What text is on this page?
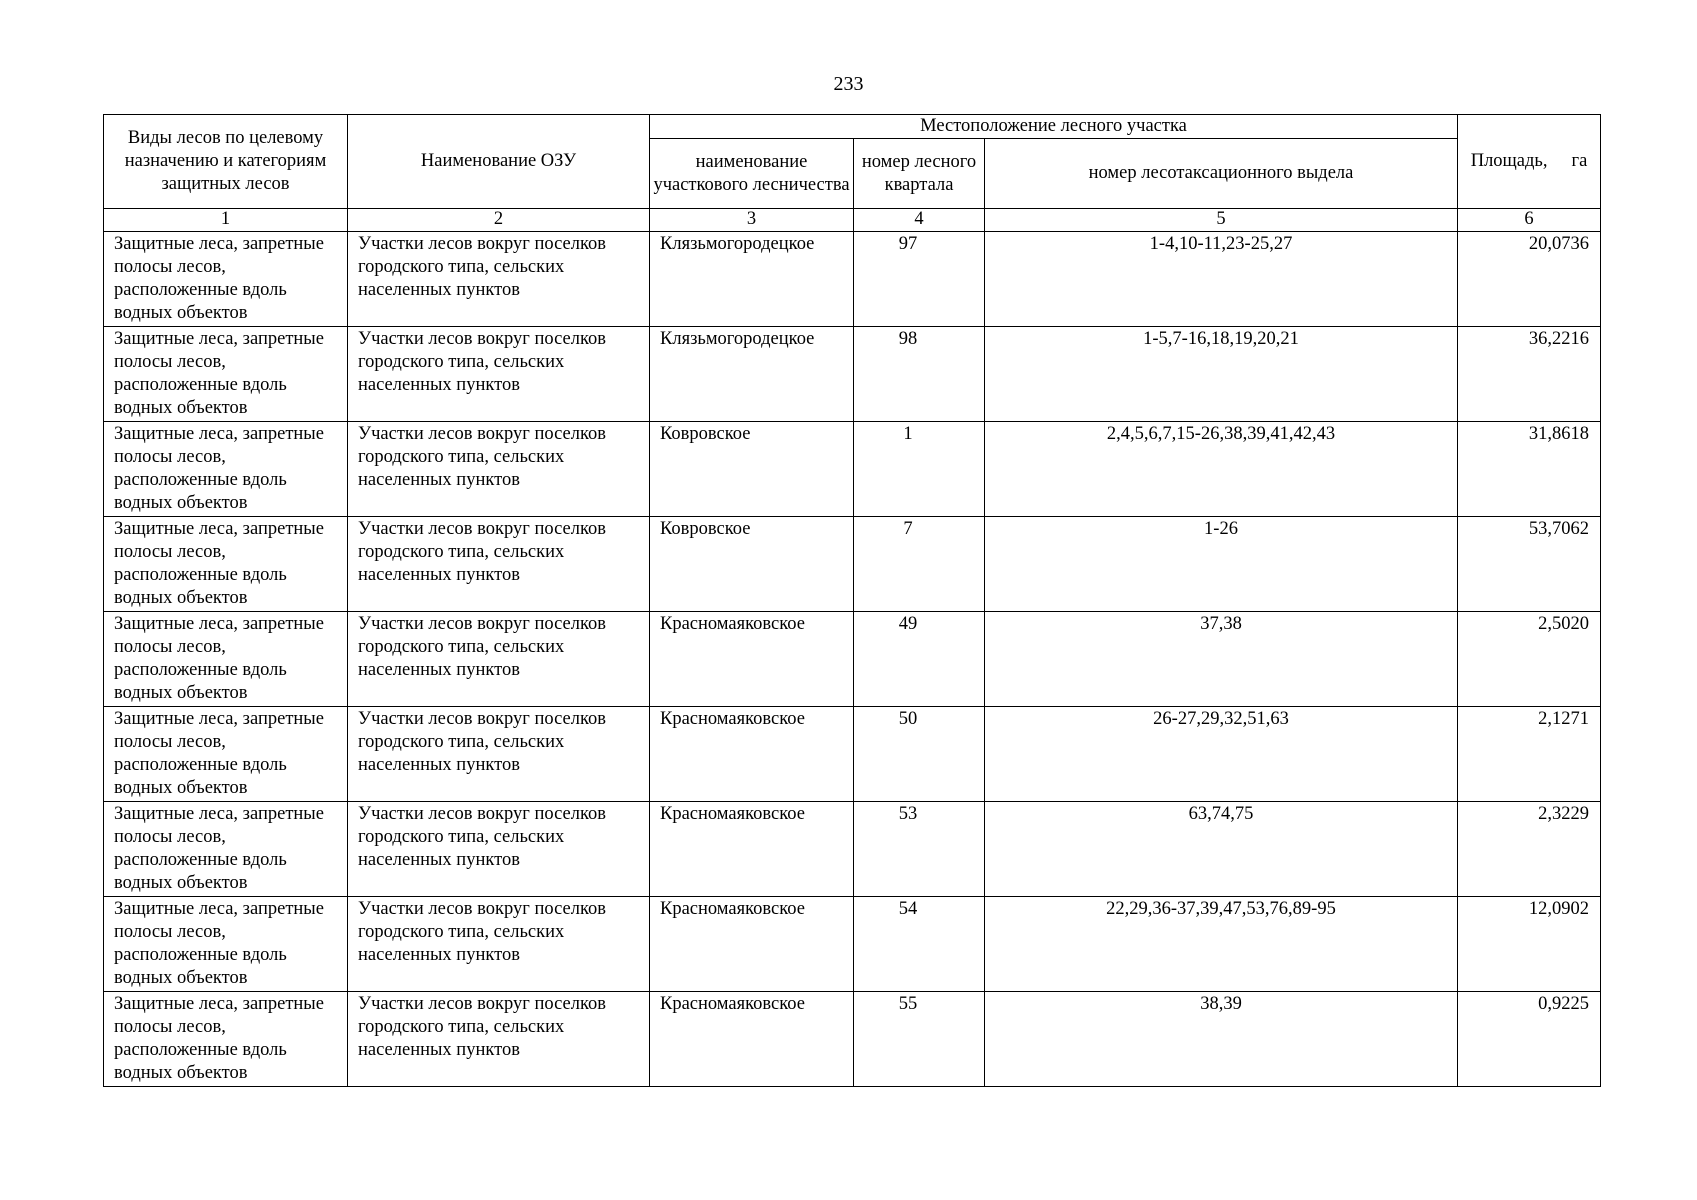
233
Виды лесов по целевому назначению и категориям защитных лесов	Наименование ОЗУ	Местоположение лесного участка			Площадь, га

		наименование участкового лесничества	номер лесного квартала	номер лесотаксационного выдела	
1	2	3	4	5	6
Защитные леса, запретные полосы лесов, расположенные вдоль водных объектов	Участки лесов вокруг поселков городского типа, сельских населенных пунктов	Клязьмогородецкое	97	1-4,10-11,23-25,27	20,0736
Защитные леса, запретные полосы лесов, расположенные вдоль водных объектов	Участки лесов вокруг поселков городского типа, сельских населенных пунктов	Клязьмогородецкое	98	1-5,7-16,18,19,20,21	36,2216
Защитные леса, запретные полосы лесов, расположенные вдоль водных объектов	Участки лесов вокруг поселков городского типа, сельских населенных пунктов	Ковровское	1	2,4,5,6,7,15-26,38,39,41,42,43	31,8618
Защитные леса, запретные полосы лесов, расположенные вдоль водных объектов	Участки лесов вокруг поселков городского типа, сельских населенных пунктов	Ковровское	7	1-26	53,7062
Защитные леса, запретные полосы лесов, расположенные вдоль водных объектов	Участки лесов вокруг поселков городского типа, сельских населенных пунктов	Красномаяковское	49	37,38	2,5020
Защитные леса, запретные полосы лесов, расположенные вдоль водных объектов	Участки лесов вокруг поселков городского типа, сельских населенных пунктов	Красномаяковское	50	26-27,29,32,51,63	2,1271
Защитные леса, запретные полосы лесов, расположенные вдоль водных объектов	Участки лесов вокруг поселков городского типа, сельских населенных пунктов	Красномаяковское	53	63,74,75	2,3229
Защитные леса, запретные полосы лесов, расположенные вдоль водных объектов	Участки лесов вокруг поселков городского типа, сельских населенных пунктов	Красномаяковское	54	22,29,36-37,39,47,53,76,89-95	12,0902
Защитные леса, запретные полосы лесов, расположенные вдоль водных объектов	Участки лесов вокруг поселков городского типа, сельских населенных пунктов	Красномаяковское	55	38,39	0,9225
